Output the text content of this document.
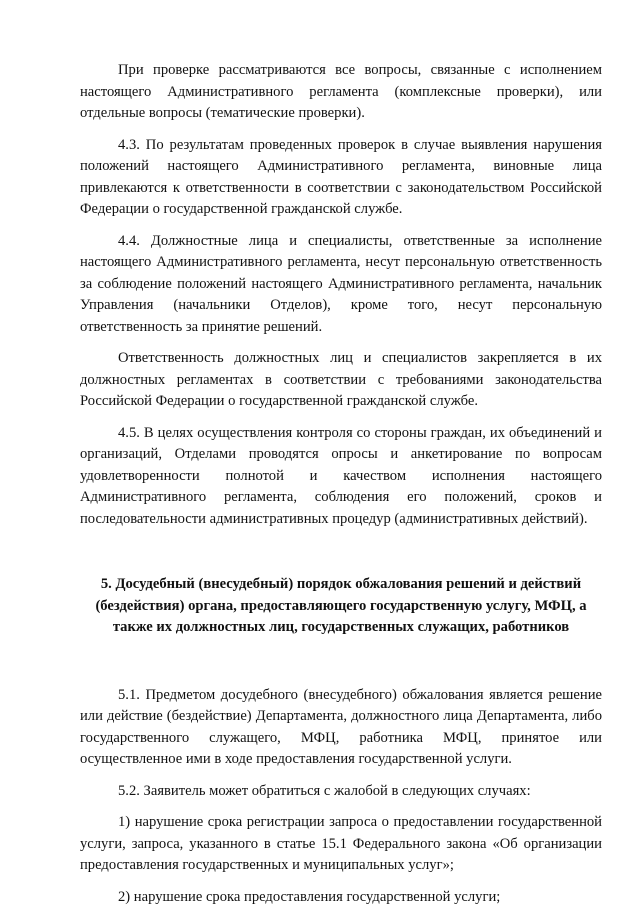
При проверке рассматриваются все вопросы, связанные с исполнением настоящего Административного регламента (комплексные проверки), или отдельные вопросы (тематические проверки).

4.3. По результатам проведенных проверок в случае выявления нарушения положений настоящего Административного регламента, виновные лица привлекаются к ответственности в соответствии с законодательством Российской Федерации о государственной гражданской службе.

4.4. Должностные лица и специалисты, ответственные за исполнение настоящего Административного регламента, несут персональную ответственность за соблюдение положений настоящего Административного регламента, начальник Управления (начальники Отделов), кроме того, несут персональную ответственность за принятие решений.

Ответственность должностных лиц и специалистов закрепляется в их должностных регламентах в соответствии с требованиями законодательства Российской Федерации о государственной гражданской службе.

4.5. В целях осуществления контроля со стороны граждан, их объединений и организаций, Отделами проводятся опросы и анкетирование по вопросам удовлетворенности полнотой и качеством исполнения настоящего Административного регламента, соблюдения его положений, сроков и последовательности административных процедур (административных действий).

5. Досудебный (внесудебный) порядок обжалования решений и действий (бездействия) органа, предоставляющего государственную услугу, МФЦ, а также их должностных лиц, государственных служащих, работников

5.1. Предметом досудебного (внесудебного) обжалования является решение или действие (бездействие) Департамента, должностного лица Департамента, либо государственного служащего, МФЦ, работника МФЦ, принятое или осуществленное ими в ходе предоставления государственной услуги.

5.2. Заявитель может обратиться с жалобой в следующих случаях:

1) нарушение срока регистрации запроса о предоставлении государственной услуги, запроса, указанного в статье 15.1 Федерального закона «Об организации предоставления государственных и муниципальных услуг»;

2) нарушение срока предоставления государственной услуги;
